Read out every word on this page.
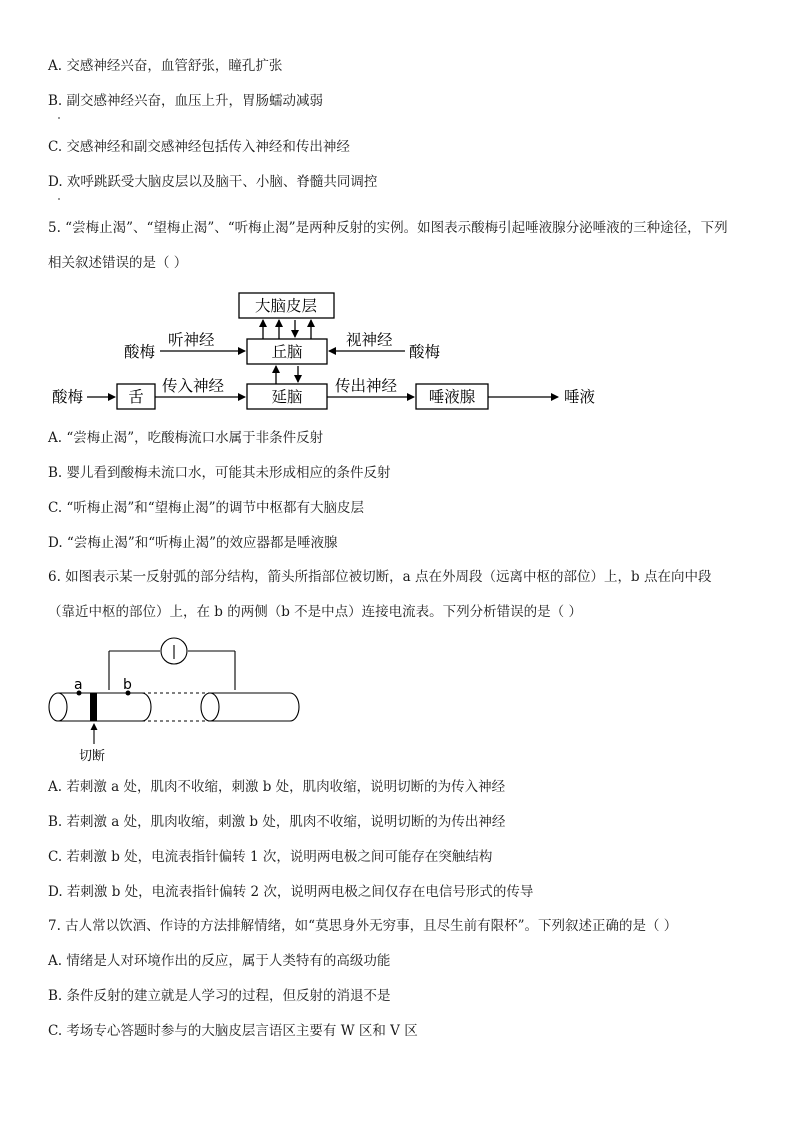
A. 交感神经兴奋，血管舒张，瞳孔扩张
B. 副交感神经兴奋，血压上升，胃肠蠕动减弱
C. 交感神经和副交感神经包括传入神经和传出神经
D. 欢呼跳跃受大脑皮层以及脑干、小脑、脊髓共同调控
5. “尝梅止渴”、“望梅止渴”、“听梅止渴”是两种反射的实例。如图表示酸梅引起唾液腺分泌唾液的三种途径，下列
相关叙述错误的是（ ）
大脑皮层
丘脑
延脑
舌	唾液腺	唾液
酸梅	酸梅
酸梅
听神经	视神经
传入神经	传出神经
A. “尝梅止渴”，吃酸梅流口水属于非条件反射
B. 婴儿看到酸梅未流口水，可能其未形成相应的条件反射
C. “听梅止渴”和“望梅止渴”的调节中枢都有大脑皮层
D. “尝梅止渴”和“听梅止渴”的效应器都是唾液腺
6. 如图表示某一反射弧的部分结构，箭头所指部位被切断，a 点在外周段（远离中枢的部位）上，b 点在向中段
（靠近中枢的部位）上，在 b 的两侧（b 不是中点）连接电流表。下列分析错误的是（ ）
a	b
切断
A. 若刺激 a 处，肌肉不收缩，刺激 b 处，肌肉收缩，说明切断的为传入神经
B. 若刺激 a 处，肌肉收缩，刺激 b 处，肌肉不收缩，说明切断的为传出神经
C. 若刺激 b 处，电流表指针偏转 1 次，说明两电极之间可能存在突触结构
D. 若刺激 b 处，电流表指针偏转 2 次，说明两电极之间仅存在电信号形式的传导
7. 古人常以饮酒、作诗的方法排解情绪，如“莫思身外无穷事，且尽生前有限杯”。下列叙述正确的是（ ）
A. 情绪是人对环境作出的反应，属于人类特有的高级功能
B. 条件反射的建立就是人学习的过程，但反射的消退不是
C. 考场专心答题时参与的大脑皮层言语区主要有 W 区和 V 区
